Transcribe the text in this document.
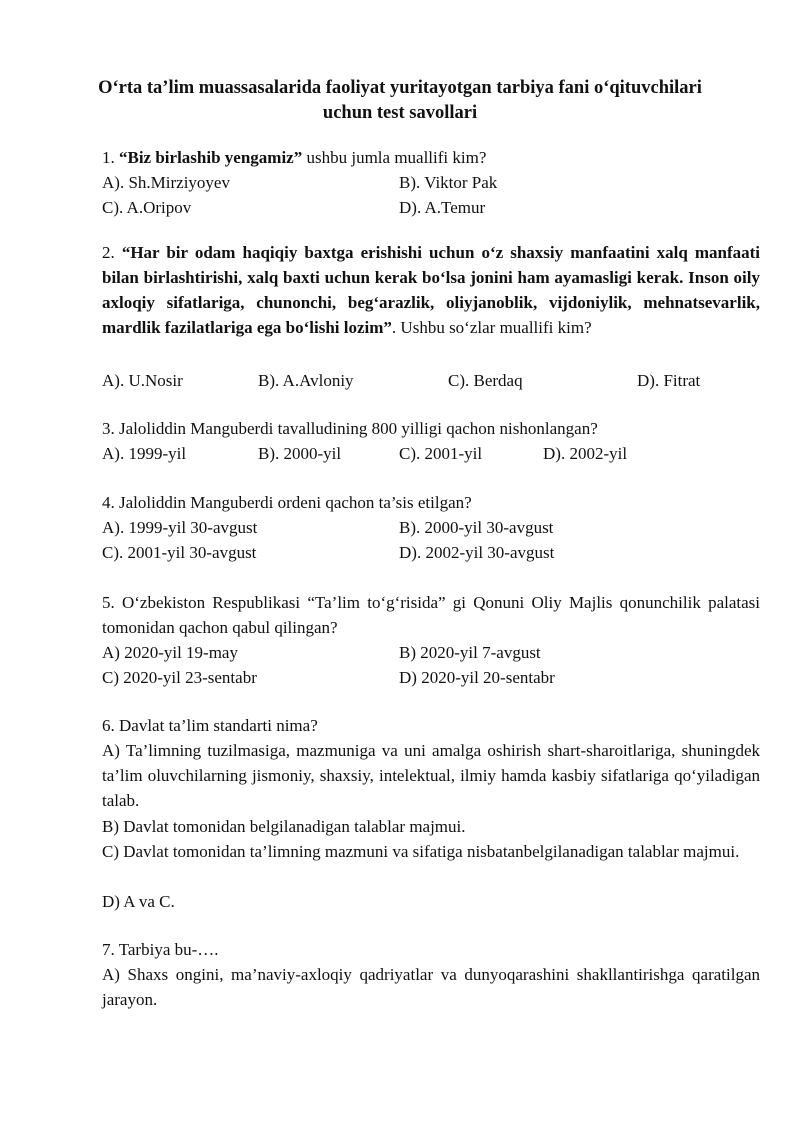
O‘rta ta’lim muassasalarida faoliyat yuritayotgan tarbiya fani o‘qituvchilari
uchun test savollari
1. “Biz birlashib yengamiz” ushbu jumla muallifi kim?
A). Sh.Mirziyoyev	B). Viktor Pak
C). A.Oripov	D). A.Temur
2. “Har bir odam haqiqiy baxtga erishishi uchun o‘z shaxsiy manfaatini xalq manfaati bilan birlashtirishi, xalq baxti uchun kerak bo‘lsa jonini ham ayamasligi kerak. Inson oily axloqiy sifatlariga, chunonchi, beg‘arazlik, oliyjanoblik, vijdoniylik, mehnatsevarlik, mardlik fazilatlariga ega bo‘lishi lozim”. Ushbu so‘zlar muallifi kim?
A). U.Nosir	B). A.Avloniy	C). Berdaq	D). Fitrat
3. Jaloliddin Manguberdi tavalludining 800 yilligi qachon nishonlangan?
A). 1999-yil	B). 2000-yil	C). 2001-yil	D). 2002-yil
4. Jaloliddin Manguberdi ordeni qachon ta’sis etilgan?
A). 1999-yil 30-avgust	B). 2000-yil 30-avgust
C). 2001-yil 30-avgust	D). 2002-yil 30-avgust
5. O‘zbekiston Respublikasi “Ta’lim to‘g‘risida” gi Qonuni Oliy Majlis qonunchilik palatasi tomonidan qachon qabul qilingan?
A) 2020-yil 19-may	B) 2020-yil 7-avgust
C) 2020-yil 23-sentabr	D) 2020-yil 20-sentabr
6. Davlat ta’lim standarti nima?
A) Ta’limning tuzilmasiga, mazmuniga va uni amalga oshirish shart-sharoitlariga, shuningdek ta’lim oluvchilarning jismoniy, shaxsiy, intelektual, ilmiy hamda kasbiy sifatlariga qo‘yiladigan talab.
B) Davlat tomonidan belgilanadigan talablar majmui.
C) Davlat tomonidan ta’limning mazmuni va sifatiga nisbatanbelgilanadigan talablar majmui.
D) A va C.
7. Tarbiya bu-….
A) Shaxs ongini, ma’naviy-axloqiy qadriyatlar va dunyoqarashini shakllantirishga qaratilgan jarayon.
